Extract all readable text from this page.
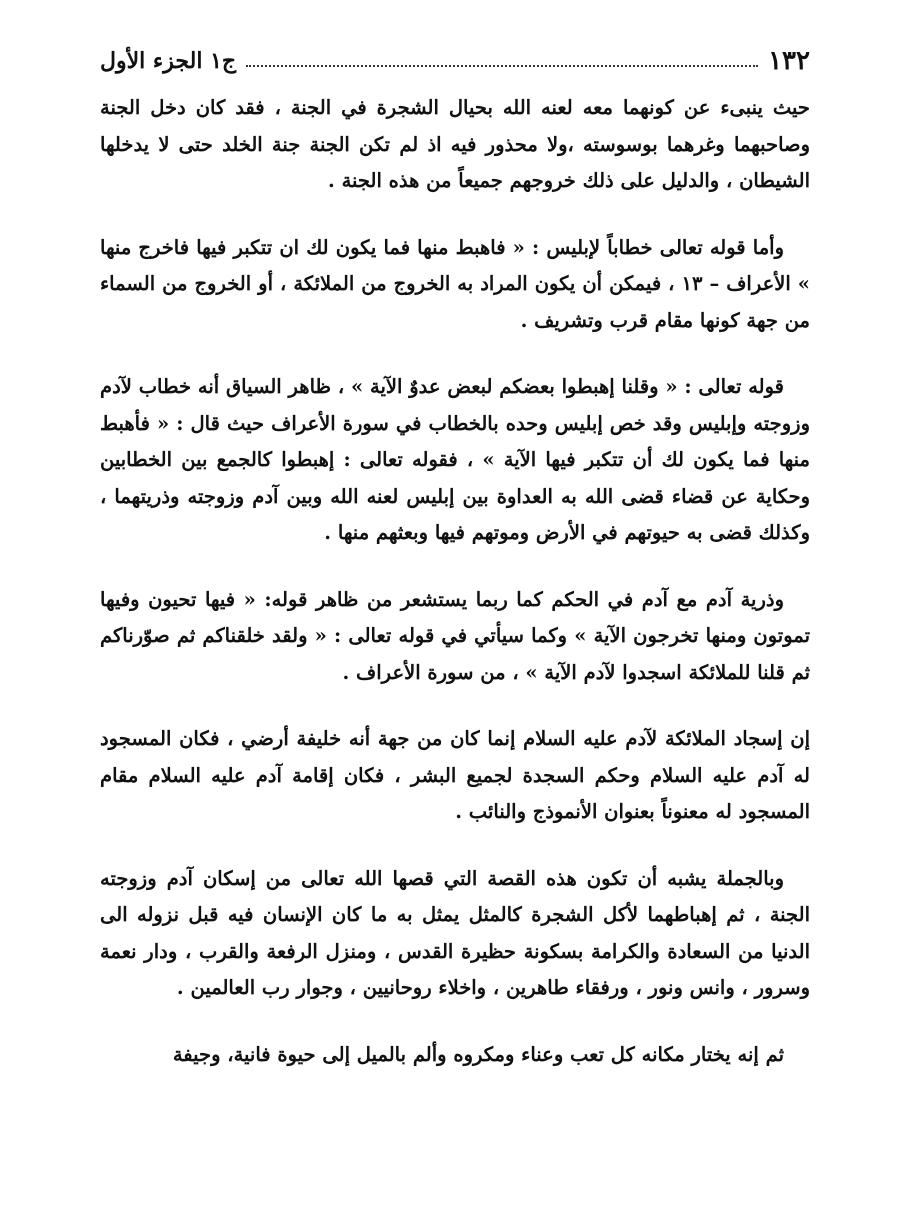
١٣٢
ج١ الجزء الأول

حيث ينبىء عن كونهما معه لعنه الله بحيال الشجرة في الجنة ، فقد كان دخل الجنة وصاحبهما وغرهما بوسوسته ،ولا محذور فيه اذ لم تكن الجنة جنة الخلد حتى لا يدخلها الشيطان ، والدليل على ذلك خروجهم جميعاً من هذه الجنة .

وأما قوله تعالى خطاباً لإبليس : « فاهبط منها فما يكون لك ان تتكبر فيها فاخرج منها » الأعراف – ١٣ ، فيمكن أن يكون المراد به الخروج من الملائكة ، أو الخروج من السماء من جهة كونها مقام قرب وتشريف .

قوله تعالى : « وقلنا إهبطوا بعضكم لبعض عدوٌ الآية » ، ظاهر السياق أنه خطاب لآدم وزوجته وإبليس وقد خص إبليس وحده بالخطاب في سورة الأعراف حيث قال : « فأهبط منها فما يكون لك أن تتكبر فيها الآية » ، فقوله تعالى : إهبطوا كالجمع بين الخطابين وحكاية عن قضاء قضى الله به العداوة بين إبليس لعنه الله وبين آدم وزوجته وذريتهما ، وكذلك قضى به حيوتهم في الأرض وموتهم فيها وبعثهم منها .

وذرية آدم مع آدم في الحكم كما ربما يستشعر من ظاهر قوله: « فيها تحيون وفيها تموتون ومنها تخرجون الآية » وكما سيأتي في قوله تعالى : « ولقد خلقناكم ثم صوّرناكم ثم قلنا للملائكة اسجدوا لآدم الآية » ، من سورة الأعراف .

إن إسجاد الملائكة لآدم عليه السلام إنما كان من جهة أنه خليفة أرضي ، فكان المسجود له آدم عليه السلام وحكم السجدة لجميع البشر ، فكان إقامة آدم عليه السلام مقام المسجود له معنوناً بعنوان الأنموذج والنائب .

وبالجملة يشبه أن تكون هذه القصة التي قصها الله تعالى من إسكان آدم وزوجته الجنة ، ثم إهباطهما لأكل الشجرة كالمثل يمثل به ما كان الإنسان فيه قبل نزوله الى الدنيا من السعادة والكرامة بسكونة حظيرة القدس ، ومنزل الرفعة والقرب ، ودار نعمة وسرور ، وانس ونور ، ورفقاء طاهرين ، واخلاء روحانيين ، وجوار رب العالمين .

ثم إنه يختار مكانه كل تعب وعناء ومكروه وألم بالميل إلى حيوة فانية، وجيفة
